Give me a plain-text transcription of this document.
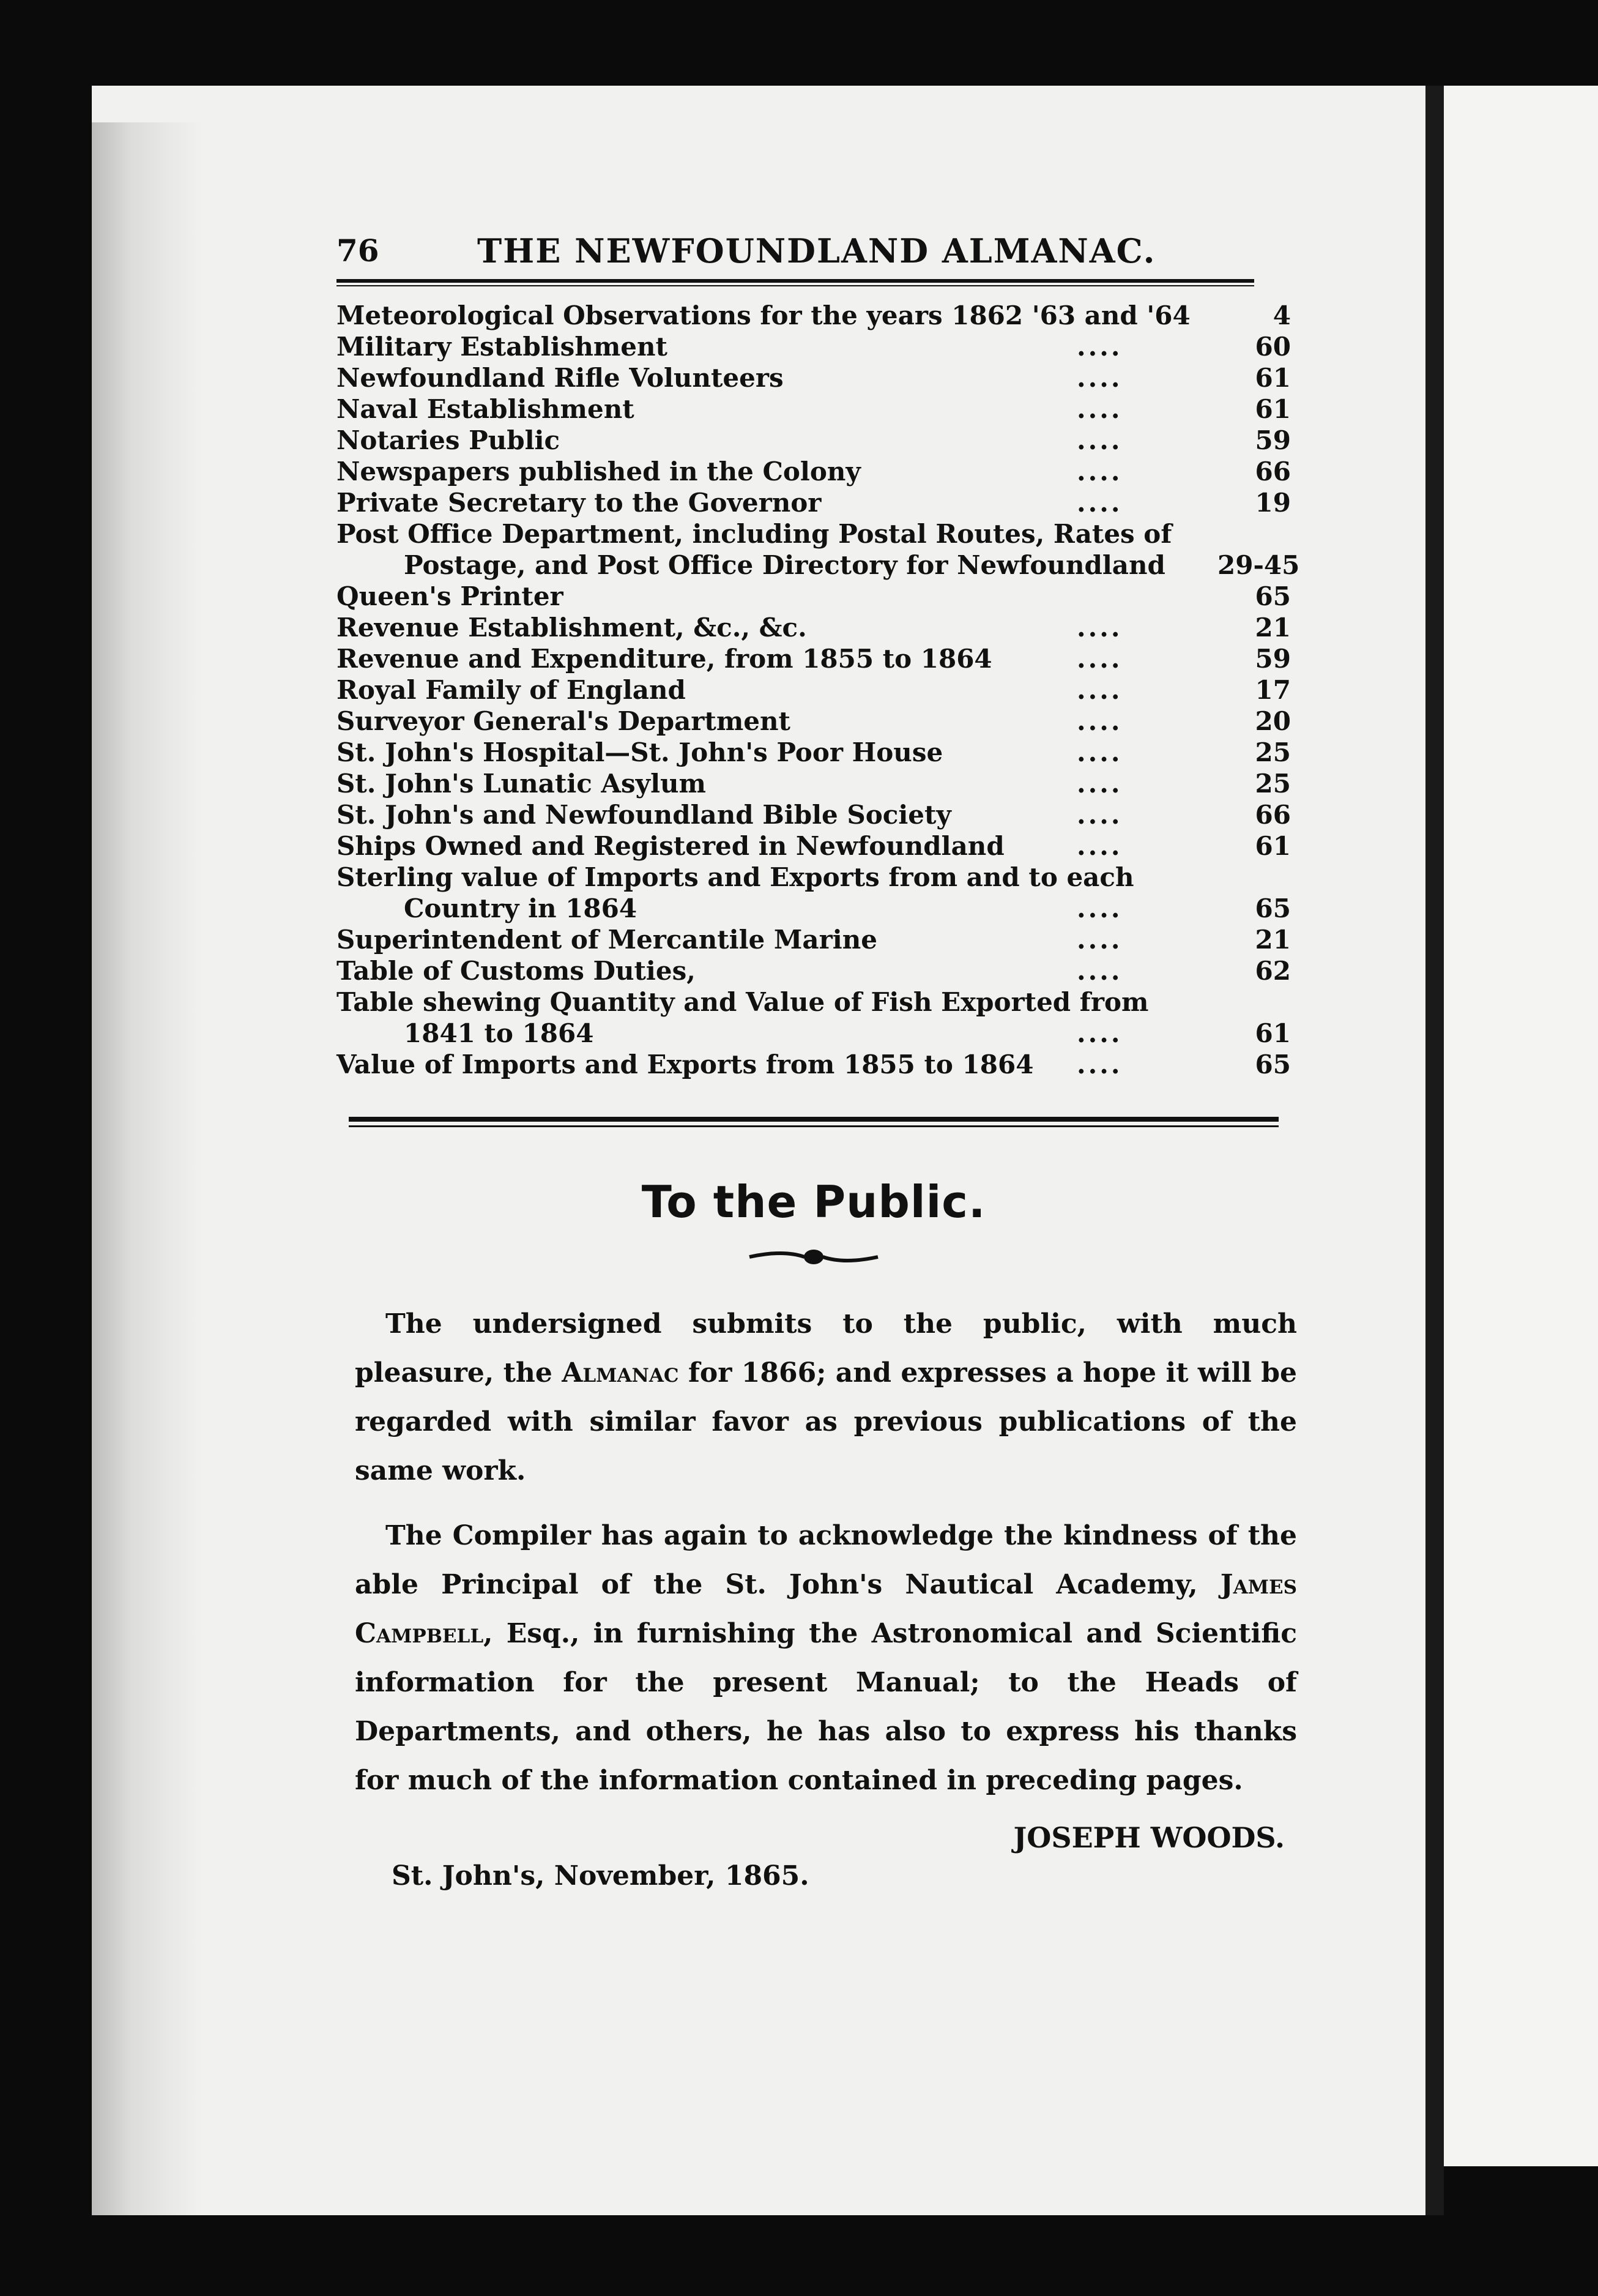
76	THE NEWFOUNDLAND ALMANAC.
Meteorological Observations for the years 1862 '63 and '64	4
Military Establishment	....	60
Newfoundland Rifle Volunteers	....	61
Naval Establishment	....	61
Notaries Public	....	59
Newspapers published in the Colony	....	66
Private Secretary to the Governor	....	19
Post Office Department, including Postal Routes, Rates of
Postage, and Post Office Directory for Newfoundland 29-45
Queen's Printer	65
Revenue Establishment, &c., &c.	....	21
Revenue and Expenditure, from 1855 to 1864	....	59
Royal Family of England	....	17
Surveyor General's Department	....	20
St. John's Hospital—St. John's Poor House	....	25
St. John's Lunatic Asylum	....	25
St. John's and Newfoundland Bible Society	....	66
Ships Owned and Registered in Newfoundland	....	61
Sterling value of Imports and Exports from and to each
Country in 1864	....	65
Superintendent of Mercantile Marine	....	21
Table of Customs Duties,	....	62
Table shewing Quantity and Value of Fish Exported from
1841 to 1864	....	61
Value of Imports and Exports from 1855 to 1864 ....	65
To the Public.

The undersigned submits to the public, with much pleasure, the Almanac for 1866; and expresses a hope it will be regarded with similar favor as previous publications of the same work.

The Compiler has again to acknowledge the kindness of the able Principal of the St. John's Nautical Academy, James Campbell, Esq., in furnishing the Astronomical and Scientific information for the present Manual; to the Heads of Departments, and others, he has also to express his thanks for much of the information contained in preceding pages.

JOSEPH WOODS.
St. John's, November, 1865.
